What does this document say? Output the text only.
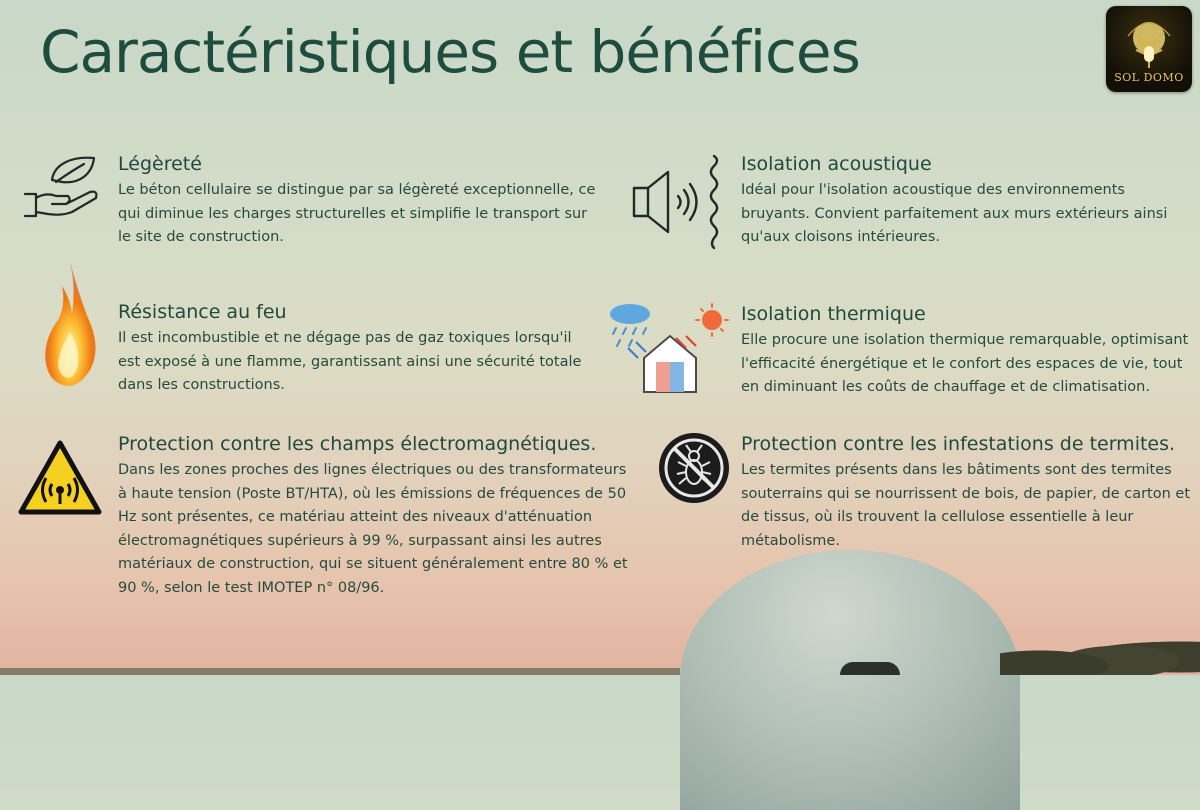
Caractéristiques et bénéfices	SOL DOMO

Légèreté

Le béton cellulaire se distingue par sa légèreté exceptionnelle, ce qui diminue les charges structurelles et simplifie le transport sur le site de construction.

Isolation acoustique

Idéal pour l'isolation acoustique des environnements bruyants. Convient parfaitement aux murs extérieurs ainsi qu'aux cloisons intérieures.

Résistance au feu

Il est incombustible et ne dégage pas de gaz toxiques lorsqu'il est exposé à une flamme, garantissant ainsi une sécurité totale dans les constructions.

Isolation thermique

Elle procure une isolation thermique remarquable, optimisant l'efficacité énergétique et le confort des espaces de vie, tout en diminuant les coûts de chauffage et de climatisation.

Protection contre les champs électromagnétiques.

Dans les zones proches des lignes électriques ou des transformateurs à haute tension (Poste BT/HTA), où les émissions de fréquences de 50 Hz sont présentes, ce matériau atteint des niveaux d'atténuation électromagnétiques supérieurs à 99 %, surpassant ainsi les autres matériaux de construction, qui se situent généralement entre 80 % et 90 %, selon le test IMOTEP n° 08/96.

Protection contre les infestations de termites.

Les termites présents dans les bâtiments sont des termites souterrains qui se nourrissent de bois, de papier, de carton et de tissus, où ils trouvent la cellulose essentielle à leur métabolisme.
